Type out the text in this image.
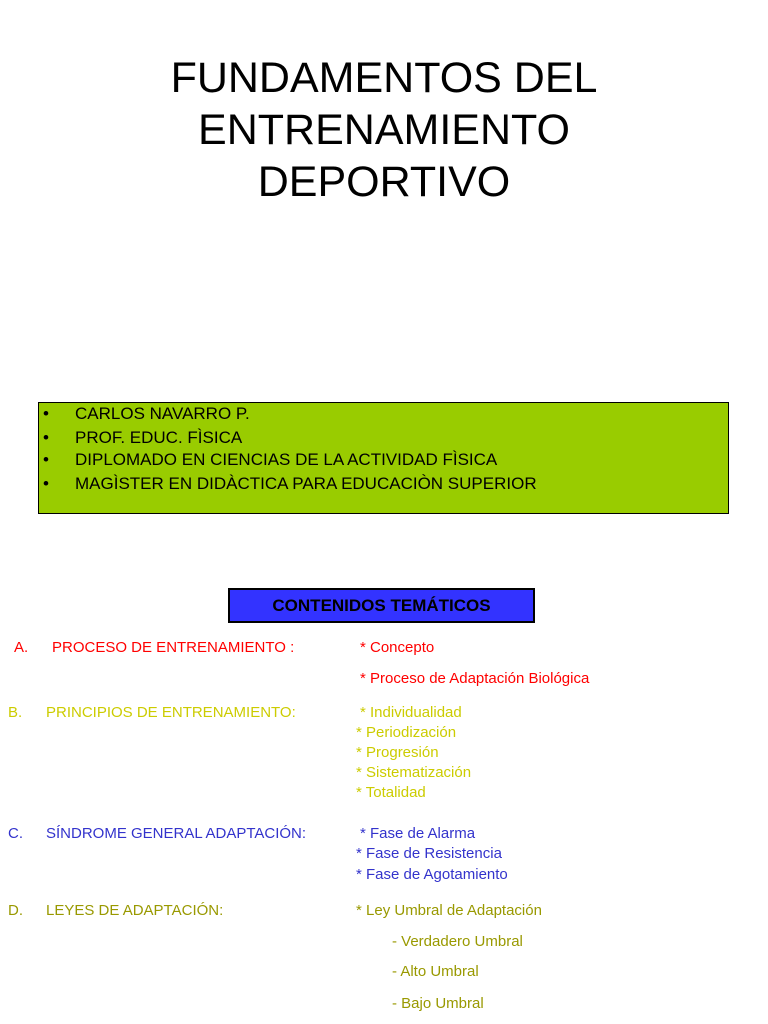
FUNDAMENTOS DEL
ENTRENAMIENTO
DEPORTIVO
• CARLOS NAVARRO P.
• PROF. EDUC. FÌSICA
• DIPLOMADO EN CIENCIAS DE LA ACTIVIDAD FÌSICA
• MAGÌSTER EN DIDÀCTICA PARA EDUCACIÒN SUPERIOR
CONTENIDOS TEMÁTICOS
A. PROCESO DE ENTRENAMIENTO :	* Concepto
* Proceso de Adaptación Biológica
B. PRINCIPIOS DE ENTRENAMIENTO:	* Individualidad
* Periodización
* Progresión
* Sistematización
* Totalidad
C. SÍNDROME GENERAL ADAPTACIÓN:	* Fase de Alarma
* Fase de Resistencia
* Fase de Agotamiento
D. LEYES DE ADAPTACIÓN:	* Ley Umbral de Adaptación
- Verdadero Umbral
- Alto Umbral
- Bajo Umbral
